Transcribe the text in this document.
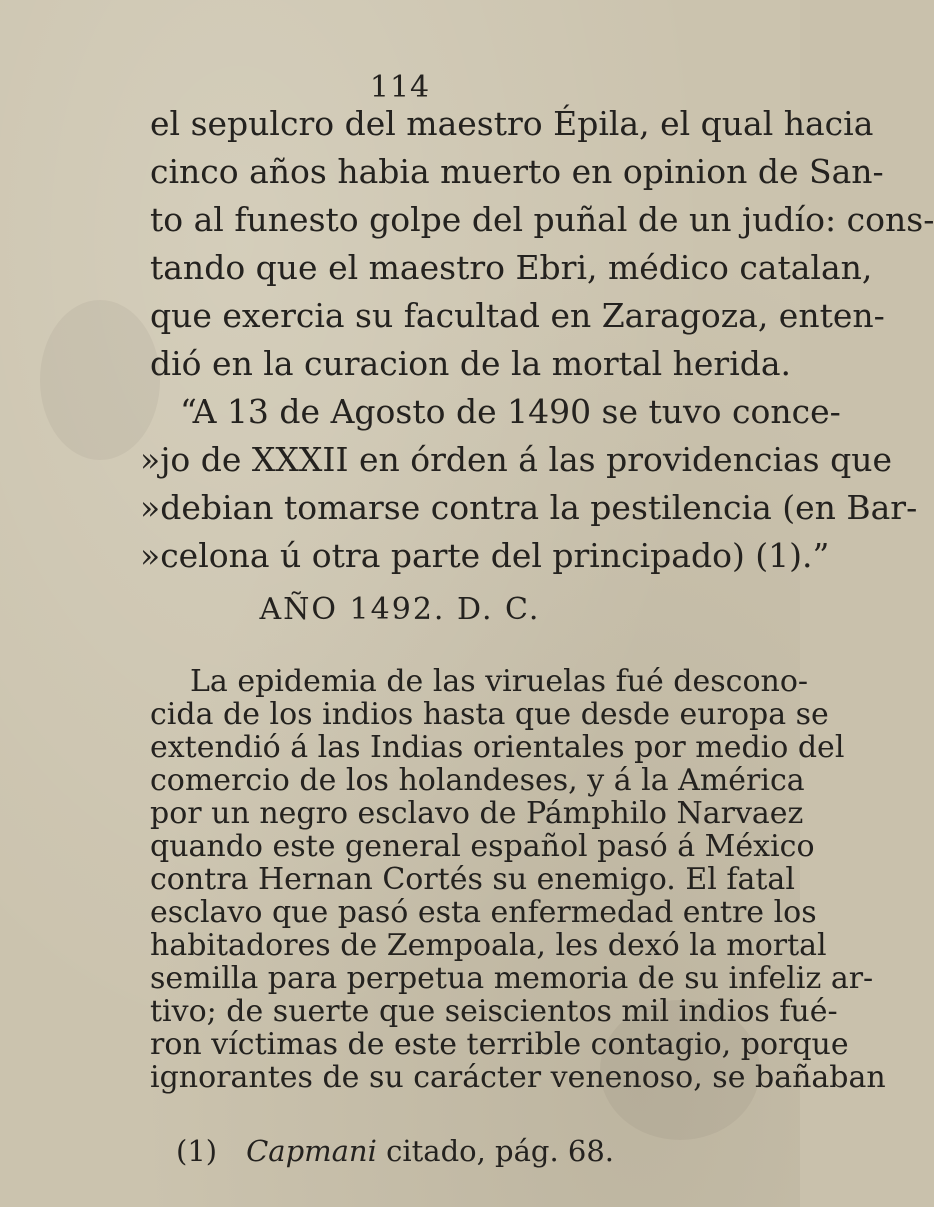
114
el sepulcro del maestro Épila, el qual hacia
cinco años habia muerto en opinion de San-
to al funesto golpe del puñal de un judío: cons-
tando que el maestro Ebri, médico catalan,
que exercia su facultad en Zaragoza, enten-
dió en la curacion de la mortal herida.
“A 13 de Agosto de 1490 se tuvo conce-
»jo de XXXII en órden á las providencias que
»debian tomarse contra la pestilencia (en Bar-
»celona ú otra parte del principado) (1).”
AÑO 1492. D. C.
La epidemia de las viruelas fué descono-
cida de los indios hasta que desde europa se
extendió á las Indias orientales por medio del
comercio de los holandeses, y á la América
por un negro esclavo de Pámphilo Narvaez
quando este general español pasó á México
contra Hernan Cortés su enemigo. El fatal
esclavo que pasó esta enfermedad entre los
habitadores de Zempoala, les dexó la mortal
semilla para perpetua memoria de su infeliz ar-
tivo; de suerte que seiscientos mil indios fué-
ron víctimas de este terrible contagio, porque
ignorantes de su carácter venenoso, se bañaban
(1)  Capmani citado, pág. 68.
